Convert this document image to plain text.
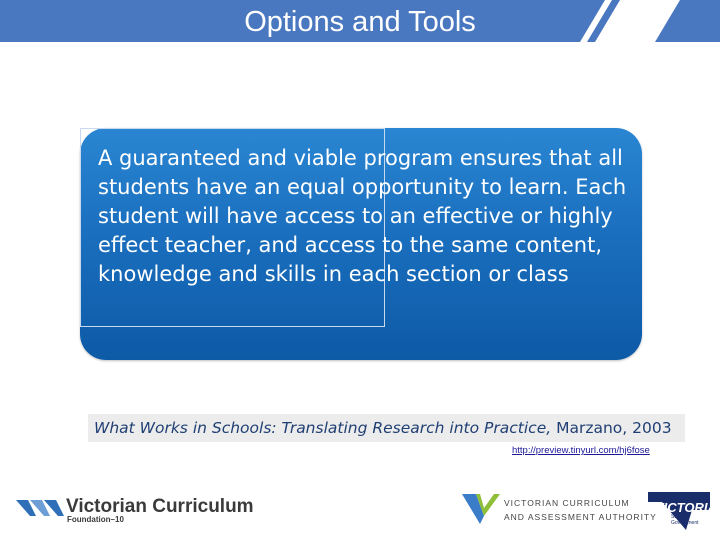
Options and Tools

A guaranteed and viable program ensures that all students have an equal opportunity to learn. Each student will have access to an effective or highly effect teacher, and access to the same content, knowledge and skills in each section or class

What Works in Schools: Translating Research into Practice, Marzano, 2003
http://preview.tinyurl.com/hj6fose
Victorian Curriculum
Foundation–10
VICTORIAN CURRICULUM
AND ASSESSMENT AUTHORITY
VICTORIA
State Government
